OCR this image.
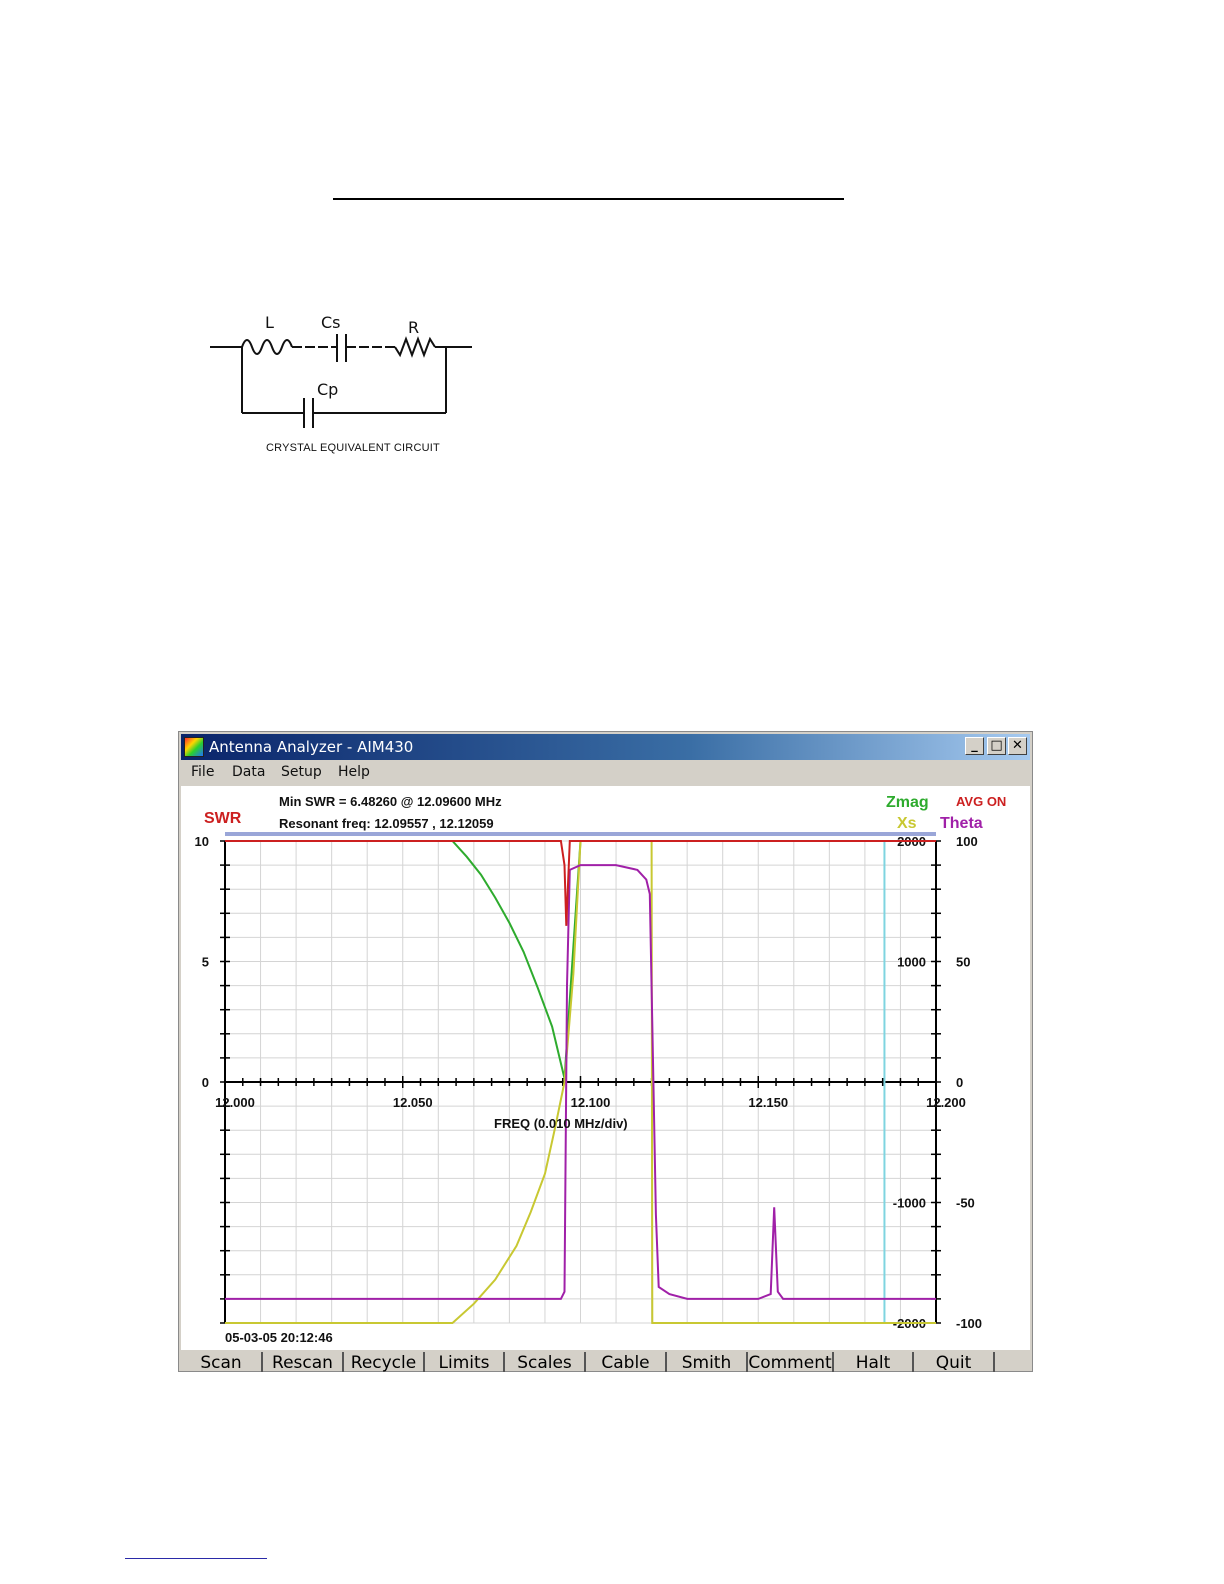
L	Cs	R
Cp
CRYSTAL EQUIVALENT CIRCUIT
Antenna Analyzer - AIM430	_ □ ✕
File Data Setup Help
12.000	12.050	12.100	12.150	12.200
0
5
10	2000
1000
-1000
-2000
100
50
0
-50
-100
Min SWR = 6.48260 @ 12.09600 MHz
Resonant freq: 12.09557 , 12.12059
SWR
Zmag
Xs
AVG ON
Theta
FREQ (0.010 MHz/div)
05-03-05 20:12:46
Scan	Rescan	Recycle	Limits	Scales	Cable	Smith	Comment	Halt	Quit
